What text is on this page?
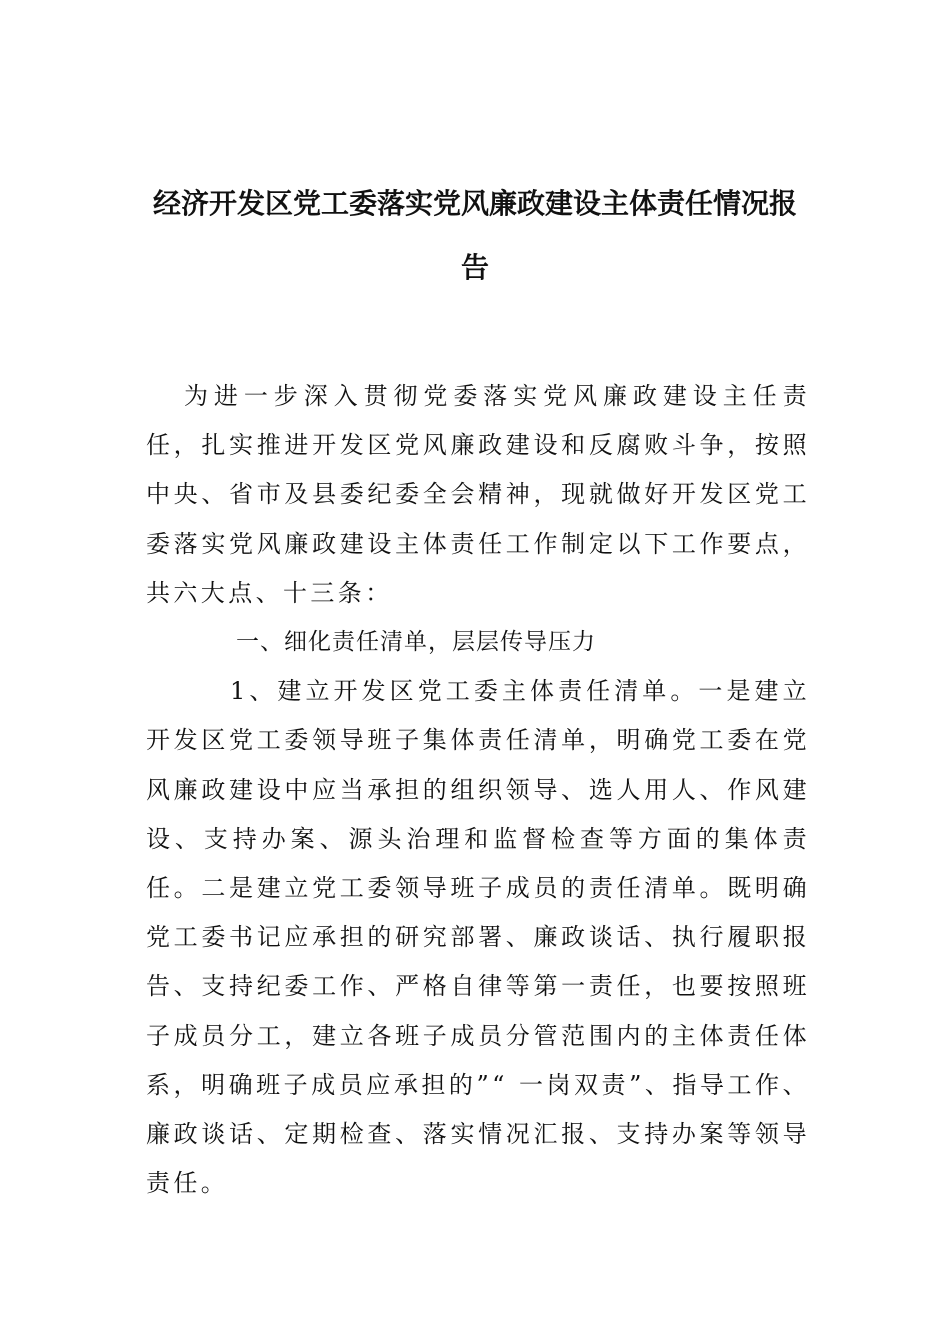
经济开发区党工委落实党风廉政建设主体责任情况报告

为进一步深入贯彻党委落实党风廉政建设主任责任，扎实推进开发区党风廉政建设和反腐败斗争，按照中央、省市及县委纪委全会精神，现就做好开发区党工委落实党风廉政建设主体责任工作制定以下工作要点，共六大点、十三条：

一、细化责任清单，层层传导压力

1、建立开发区党工委主体责任清单。一是建立开发区党工委领导班子集体责任清单，明确党工委在党风廉政建设中应当承担的组织领导、选人用人、作风建设、支持办案、源头治理和监督检查等方面的集体责任。二是建立党工委领导班子成员的责任清单。既明确党工委书记应承担的研究部署、廉政谈话、执行履职报告、支持纪委工作、严格自律等第一责任，也要按照班子成员分工，建立各班子成员分管范围内的主体责任体系，明确班子成员应承担的”“ 一岗双责”、指导工作、廉政谈话、定期检查、落实情况汇报、支持办案等领导责任。
